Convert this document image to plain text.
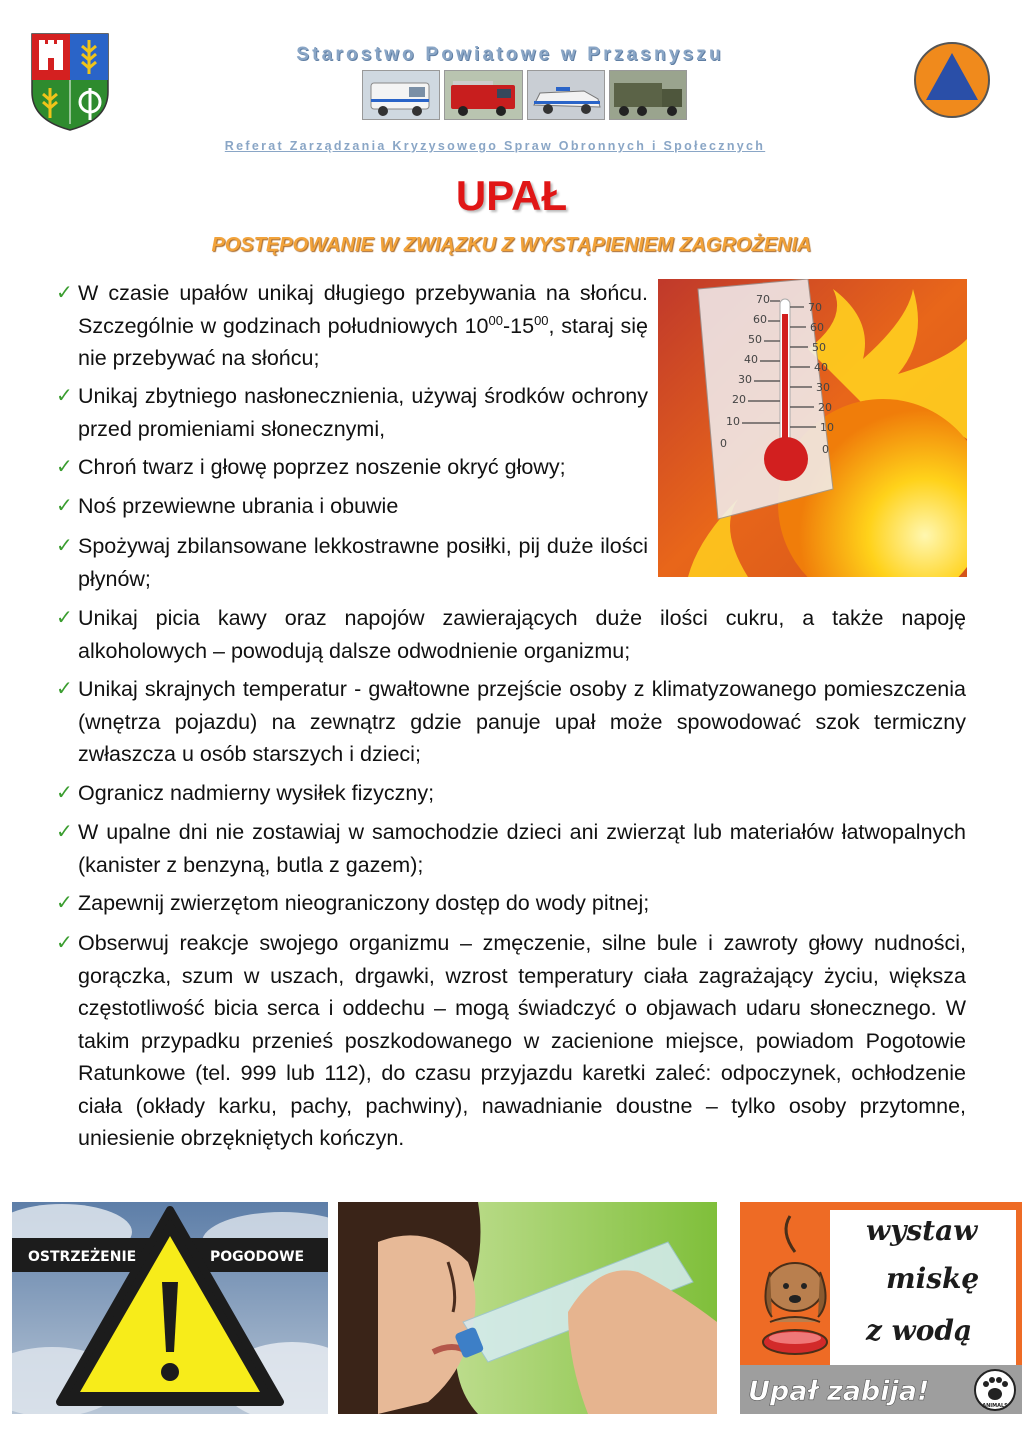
Starostwo Powiatowe w Przasnyszu
Referat Zarządzania Kryzysowego Spraw Obronnych i Społecznych
UPAŁ
POSTĘPOWANIE W ZWIĄZKU Z WYSTĄPIENIEM ZAGROŻENIA
70
60
50
40
30
20
10
0
70
60
50
40
30
20
10
0
✓ W czasie upałów unikaj długiego przebywania na słońcu. Szczególnie w godzinach południowych $10^{00}-15^{00}$, staraj się nie przebywać na słońcu;
✓ Unikaj zbytniego nasłonecznienia, używaj środków ochrony przed promieniami słonecznymi,
✓ Chroń twarz i głowę poprzez noszenie okryć głowy;
✓ Noś przewiewne ubrania i obuwie
✓ Spożywaj zbilansowane lekkostrawne posiłki, pij duże ilości płynów;
✓ Unikaj picia kawy oraz napojów zawierających duże ilości cukru, a także napoję alkoholowych – powodują dalsze odwodnienie organizmu;
✓ Unikaj skrajnych temperatur - gwałtowne przejście osoby z klimatyzowanego pomieszczenia (wnętrza pojazdu) na zewnątrz gdzie panuje upał może spowodować szok termiczny zwłaszcza u osób starszych i dzieci;
✓ Ogranicz nadmierny wysiłek fizyczny;
✓ W upalne dni nie zostawiaj w samochodzie dzieci ani zwierząt lub materiałów łatwopalnych (kanister z benzyną, butla z gazem);
✓ Zapewnij zwierzętom nieograniczony dostęp do wody pitnej;
✓ Obserwuj reakcje swojego organizmu – zmęczenie, silne bule i zawroty głowy nudności, gorączka, szum w uszach, drgawki, wzrost temperatury ciała zagrażający życiu, większa częstotliwość bicia serca i oddechu – mogą świadczyć o objawach udaru słonecznego. W takim przypadku przenieś poszkodowanego w zacienione miejsce, powiadom Pogotowie Ratunkowe (tel. 999 lub 112), do czasu przyjazdu karetki zaleć: odpoczynek, ochłodzenie ciała (okłady karku, pachy, pachwiny), nawadnianie doustne – tylko osoby przytomne, uniesienie obrzękniętych kończyn.
OSTRZEŻENIE	POGODOWE
wystaw
miskę
z wodą
Upał zabija!	ANIMALS
